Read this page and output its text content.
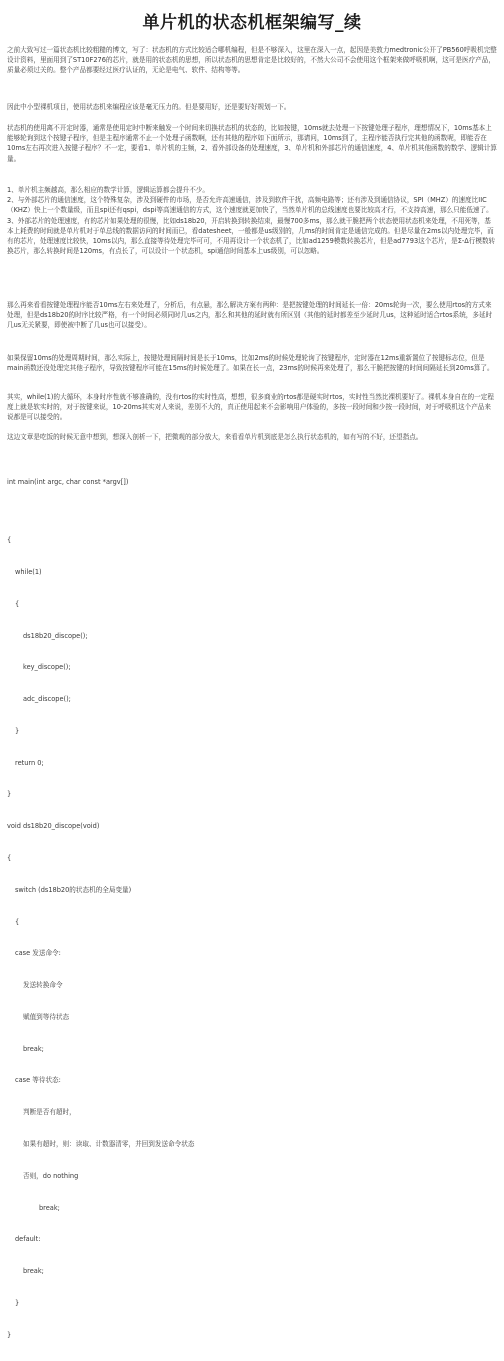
单片机的状态机框架编写_续
之前大致写过一篇状态机比较粗糙的博文，写了：状态机的方式比较适合哪机编程，但是不够深入，这里在深入一点，起因是美敦力medtronic公开了PB560呼吸机完整设计资料，里面用到了ST10F276的芯片，就是用的状态机的思想，所以状态机的思想肯定是比较好的，不然大公司不会使用这个框架来做呼吸机啊，这可是医疗产品，质量必须过关的。整个产品都要经过医疗认证的，无论是电气、软件、结构等等。
因此中小型裸机项目，使用状态机来编程应该是毫无压力的。但是要用好，还是要好好规划一下。
状态机的使用离不开定时器，通常是使用定时中断来触发一个时间来切换状态机的状态的，比如按键，10ms就去处理一下按键处理子程序，理想情况下，10ms基本上能够轮询到这个按键子程序，但是主程序通常不止一个处理子函数啊，还有其他的程序如下面所示，那请问，10ms到了，主程序能否执行完其他的函数呢，即能否在10ms左右再次进入按键子程序？不一定，要看1、单片机的主频，2、看外部设备的处理速度，3、单片机和外部芯片的通信速度，4、单片机其他函数的数学、逻辑计算量。
1、单片机主频越高，那么相应的数学计算，逻辑运算都会提升不少。
2、与外部芯片的通信速度，这个特殊复杂，涉及到硬件的市场，是否允许高速通信，涉及到软件干扰，高频电路等；还有涉及到通信协议，SPI（MHZ）的速度比IIC（KHZ）快上一个数量级，而且spi还有qspi，dspi等高速通信的方式，这个速度就更加快了，当然单片机的总线速度也要比较高才行，不支持高速，那么只能低速了。
3、外部芯片的处理速度，有的芯片如果处理的很慢，比如ds18b20，开启转换到转换结束，最慢700多ms，那么就干脆把两个状态使用状态机来处理，不用死等，基本上耗费的时间就是单片机对于单总线的数据访问的时间而已，看datesheet，一般都是us级别的，几ms的时间肯定是通信完成的。但是尽量在2ms以内处理完毕，而有的芯片，处理速度比较快，10ms以内，那么直接等待处理完毕可可，不用再设计一个状态机了，比如ad1259模数转换芯片，但是ad7793这个芯片，是Σ-Δ行模数转换芯片，那么转换时间是120ms，有点长了，可以设计一个状态机，spi通信时间基本上us级别，可以忽略。
那么再来看看按键处理程序能否10ms左右来处理了，分析后，有点悬，那么解决方案有两种：是把按键处理的时间延长一倍：20ms轮询一次，要么使用rtos的方式来处理，但是ds18b20的时序比较严格，有一个时间必须同时几us之内，那么和其他的延时就有所区别（其他的延时都差至少延时几us，这种延时适合rtos系统，多延时几us无关紧要，即使被中断了几us也可以接受）。
如果保留10ms的处理周期时间，那么实际上，按键处理间隔时间是长于10ms，比如2ms的时候处理轮询了按键程序，定时器在12ms重新置位了按键标志位，但是main函数还没处理完其他子程序，导致按键程序可能在15ms的时候处理了。如果在长一点，23ms的时候再来处理了，那么干脆把按键的时间间隔延长到20ms算了。
其实，while(1)的大循环，本身时序性就不够准确的，没有rtos的实时性高，想想，很多商业的rtos都是硬实时rtos，实时性当然比裸机要好了。裸机本身自在的一定程度上就是软实时的，对于按键来说，10-20ms其实对人来说，差别不大的，真正使用起来不会影响用户体验的，多按一段时间和少按一段时间，对于呼吸机这个产品来说都是可以接受的。
这边文章是吃饭的时候无意中想到，想深入剖析一下，把微观的部分放大，来看看单片机到底是怎么执行状态机的，如有写的不好，还望指点。

int main(int argc, char const *argv[])

{

while(1)

{

ds18b20_discope();

key_discope();

adc_discope();

}

return 0;

}

void ds18b20_discope(void)

{

switch (ds18b20的状态机的全局变量)

{

case 发送命令:

发送转换命令

赋值到等待状态

break;

case 等待状态:

判断是否有超时，

如果有超时，则：读取、计数器清零，并回到发送命令状态

否则，do nothing

break;

default:

break;

}

}
